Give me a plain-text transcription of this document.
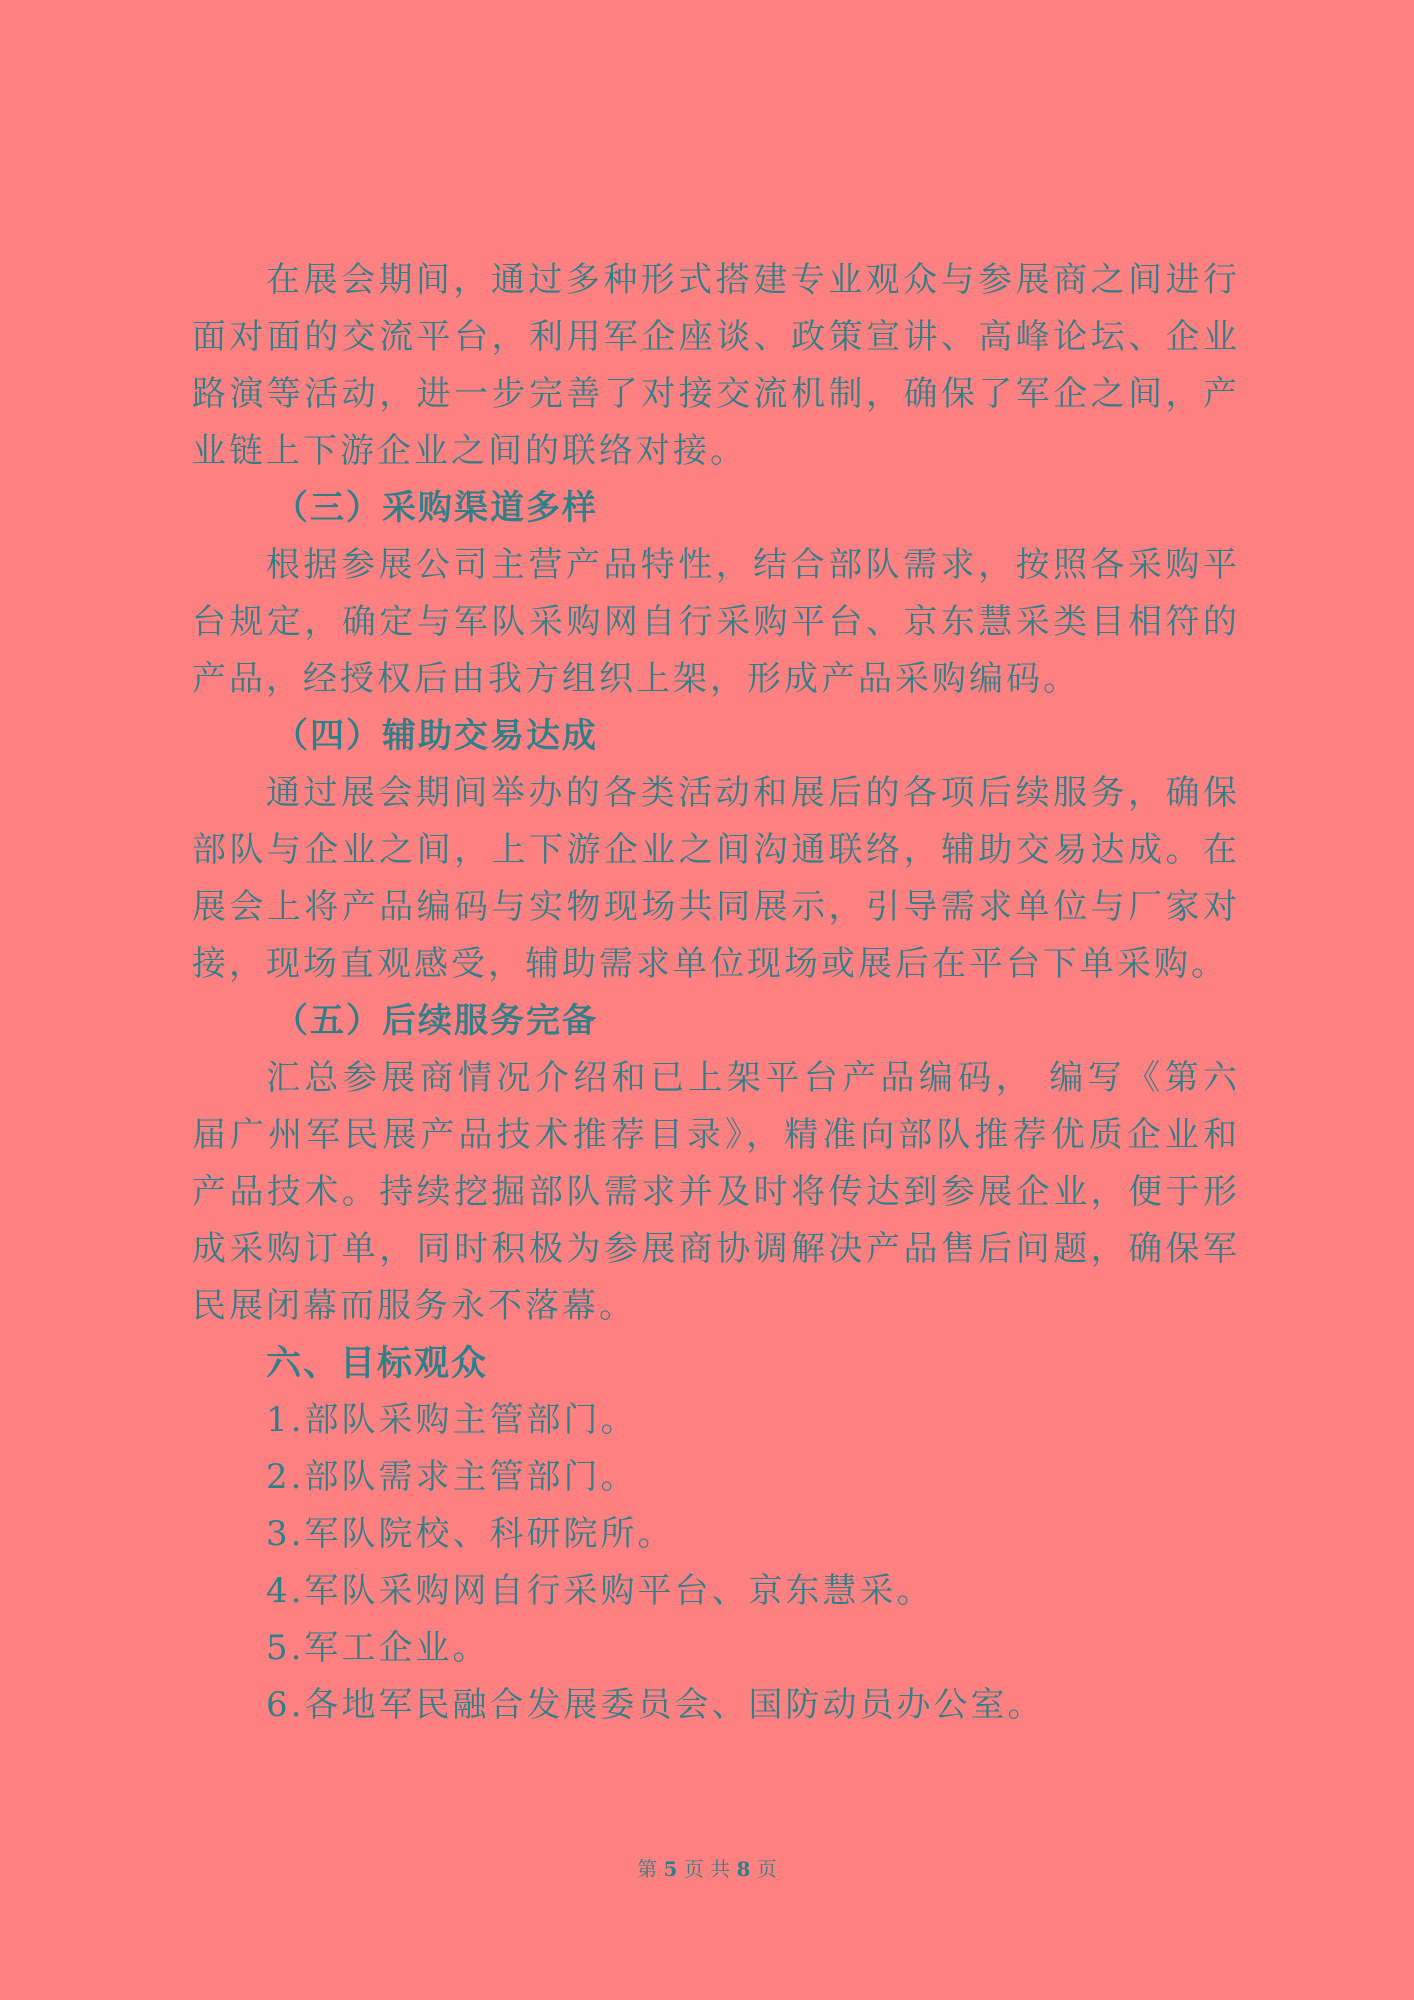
在展会期间，通过多种形式搭建专业观众与参展商之间进行面对面的交流平台，利用军企座谈、政策宣讲、高峰论坛、企业路演等活动，进一步完善了对接交流机制，确保了军企之间，产业链上下游企业之间的联络对接。

（三）采购渠道多样

根据参展公司主营产品特性，结合部队需求，按照各采购平台规定，确定与军队采购网自行采购平台、京东慧采类目相符的产品，经授权后由我方组织上架，形成产品采购编码。

（四）辅助交易达成

通过展会期间举办的各类活动和展后的各项后续服务，确保部队与企业之间，上下游企业之间沟通联络，辅助交易达成。在展会上将产品编码与实物现场共同展示，引导需求单位与厂家对接，现场直观感受，辅助需求单位现场或展后在平台下单采购。

（五）后续服务完备

汇总参展商情况介绍和已上架平台产品编码， 编写《第六届广州军民展产品技术推荐目录》，精准向部队推荐优质企业和产品技术。持续挖掘部队需求并及时将传达到参展企业，便于形成采购订单，同时积极为参展商协调解决产品售后问题，确保军民展闭幕而服务永不落幕。

六、目标观众

1.部队采购主管部门。
2.部队需求主管部门。
3.军队院校、科研院所。
4.军队采购网自行采购平台、京东慧采。
5.军工企业。
6.各地军民融合发展委员会、国防动员办公室。
第 5 页 共 8 页
